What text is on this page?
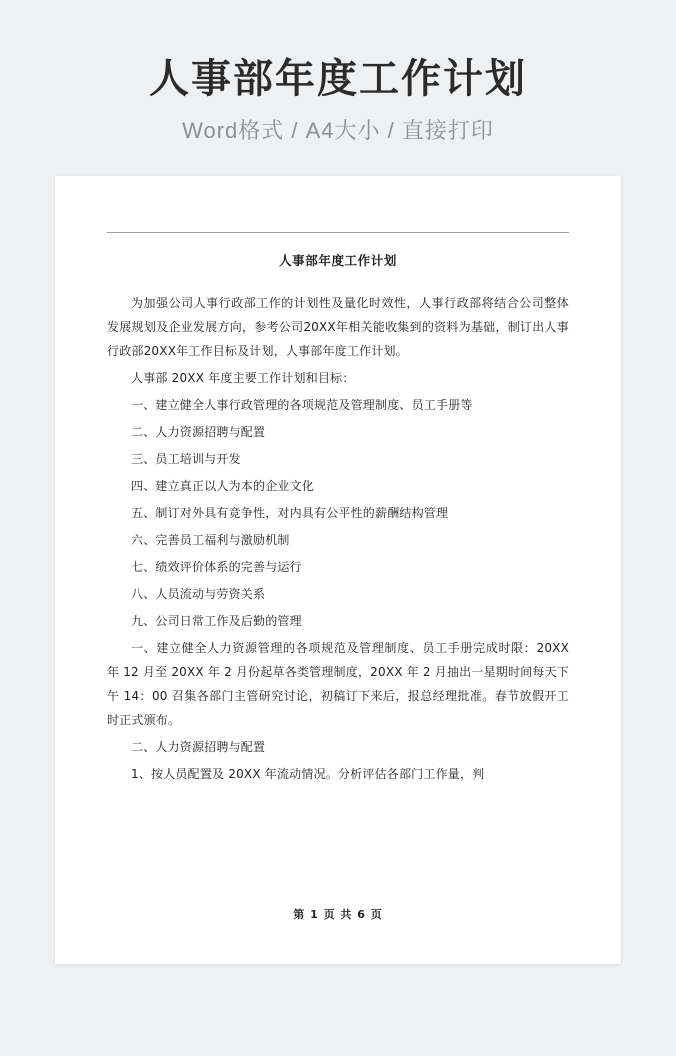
人事部年度工作计划
Word格式 / A4大小 / 直接打印
人事部年度工作计划

为加强公司人事行政部工作的计划性及量化时效性，人事行政部将结合公司整体发展规划及企业发展方向，参考公司20XX年相关能收集到的资料为基础，制订出人事行政部20XX年工作目标及计划，人事部年度工作计划。

人事部 20XX 年度主要工作计划和目标：

一、建立健全人事行政管理的各项规范及管理制度、员工手册等

二、人力资源招聘与配置

三、员工培训与开发

四、建立真正以人为本的企业文化

五、制订对外具有竞争性，对内具有公平性的薪酬结构管理

六、完善员工福利与激励机制

七、绩效评价体系的完善与运行

八、人员流动与劳资关系

九、公司日常工作及后勤的管理

一、建立健全人力资源管理的各项规范及管理制度、员工手册完成时限：20XX 年 12 月至 20XX 年 2 月份起草各类管理制度，20XX 年 2 月抽出一星期时间每天下午 14：00 召集各部门主管研究讨论，初稿订下来后，报总经理批准。春节放假开工时正式颁布。

二、人力资源招聘与配置

1、按人员配置及 20XX 年流动情况。分析评估各部门工作量，判

第 1 页 共 6 页
